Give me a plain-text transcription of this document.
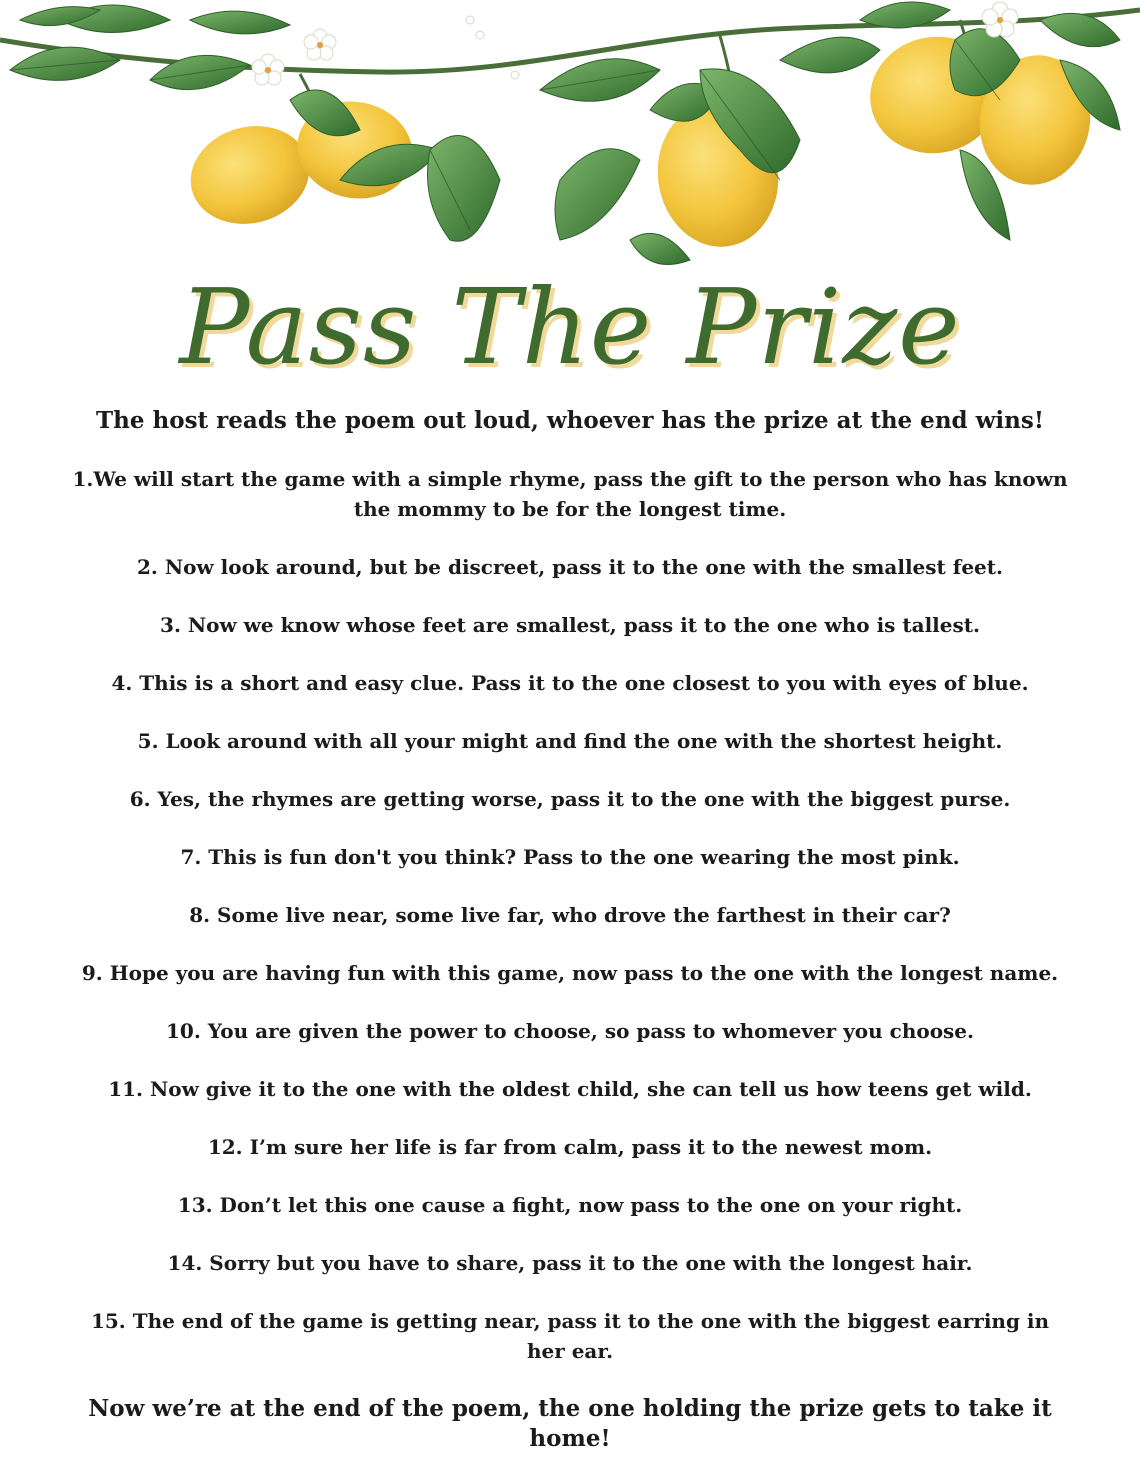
Pass The Prize

The host reads the poem out loud, whoever has the prize at the end wins!

1.We will start the game with a simple rhyme, pass the gift to the person who has known the mommy to be for the longest time.
2. Now look around, but be discreet, pass it to the one with the smallest feet.
3. Now we know whose feet are smallest, pass it to the one who is tallest.
4. This is a short and easy clue. Pass it to the one closest to you with eyes of blue.
5. Look around with all your might and find the one with the shortest height.
6. Yes, the rhymes are getting worse, pass it to the one with the biggest purse.
7. This is fun don't you think? Pass to the one wearing the most pink.
8. Some live near, some live far, who drove the farthest in their car?
9. Hope you are having fun with this game, now pass to the one with the longest name.
10. You are given the power to choose, so pass to whomever you choose.
11. Now give it to the one with the oldest child, she can tell us how teens get wild.
12. I’m sure her life is far from calm, pass it to the newest mom.
13. Don’t let this one cause a fight, now pass to the one on your right.
14. Sorry but you have to share, pass it to the one with the longest hair.
15. The end of the game is getting near, pass it to the one with the biggest earring in her ear.

Now we’re at the end of the poem, the one holding the prize gets to take it home!
